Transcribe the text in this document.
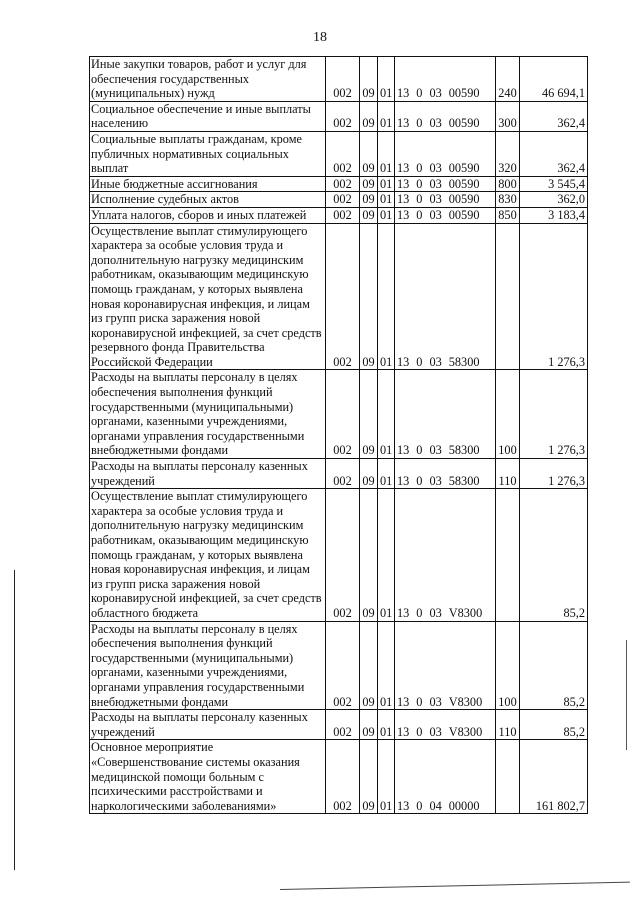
18
Иные закупки товаров, работ и услуг для обеспечения государственных (муниципальных) нужд	002	09	01	13 0 03 00590	240	46 694,1
Социальное обеспечение и иные выплаты населению	002	09	01	13 0 03 00590	300	362,4
Социальные выплаты гражданам, кроме публичных нормативных социальных выплат	002	09	01	13 0 03 00590	320	362,4
Иные бюджетные ассигнования	002	09	01	13 0 03 00590	800	3 545,4
Исполнение судебных актов	002	09	01	13 0 03 00590	830	362,0
Уплата налогов, сборов и иных платежей	002	09	01	13 0 03 00590	850	3 183,4
Осуществление выплат стимулирующего характера за особые условия труда и дополнительную нагрузку медицинским работникам, оказывающим медицинскую помощь гражданам, у которых выявлена новая коронавирусная инфекция, и лицам из групп риска заражения новой коронавирусной инфекцией, за счет средств резервного фонда Правительства Российской Федерации	002	09	01	13 0 03 58300		1 276,3
Расходы на выплаты персоналу в целях обеспечения выполнения функций государственными (муниципальными) органами, казенными учреждениями, органами управления государственными внебюджетными фондами	002	09	01	13 0 03 58300	100	1 276,3
Расходы на выплаты персоналу казенных учреждений	002	09	01	13 0 03 58300	110	1 276,3
Осуществление выплат стимулирующего характера за особые условия труда и дополнительную нагрузку медицинским работникам, оказывающим медицинскую помощь гражданам, у которых выявлена новая коронавирусная инфекция, и лицам из групп риска заражения новой коронавирусной инфекцией, за счет средств областного бюджета	002	09	01	13 0 03 V8300		85,2
Расходы на выплаты персоналу в целях обеспечения выполнения функций государственными (муниципальными) органами, казенными учреждениями, органами управления государственными внебюджетными фондами	002	09	01	13 0 03 V8300	100	85,2
Расходы на выплаты персоналу казенных учреждений	002	09	01	13 0 03 V8300	110	85,2
Основное мероприятие «Совершенствование системы оказания медицинской помощи больным с психическими расстройствами и наркологическими заболеваниями»	002	09	01	13 0 04 00000		161 802,7
